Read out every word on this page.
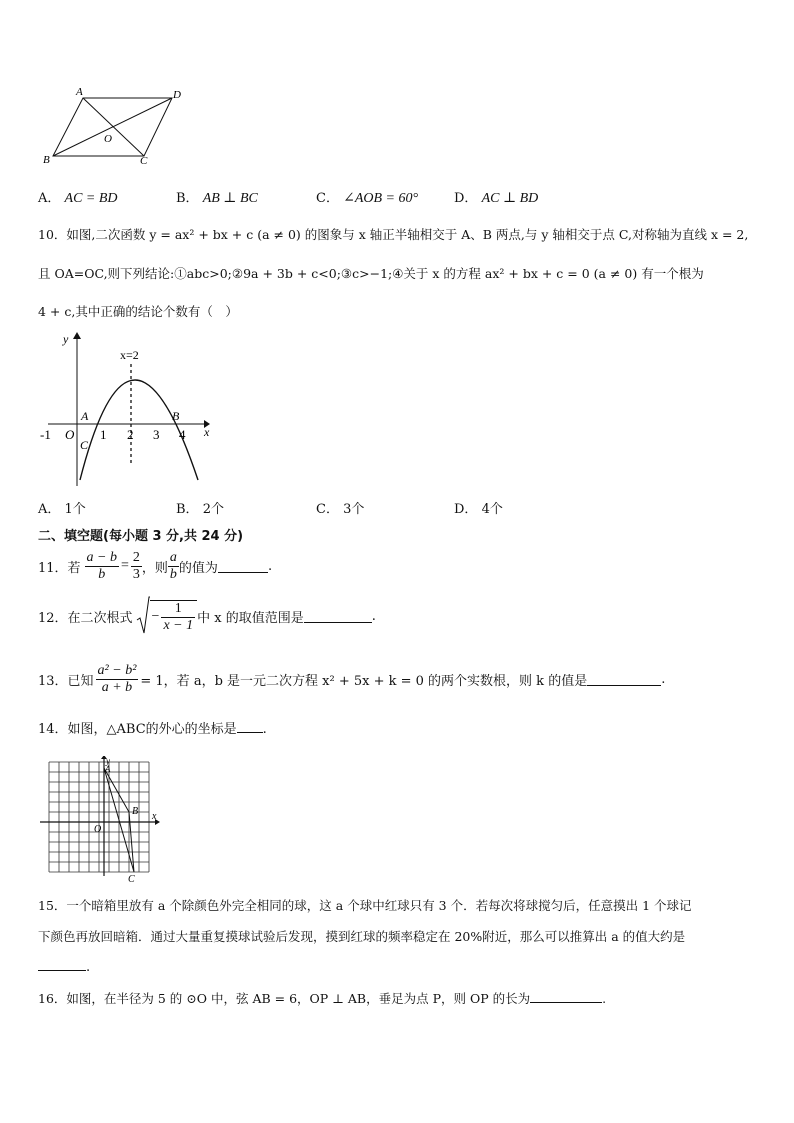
A	D
B	C
O
A． AC = BD	B． AB ⊥ BC	C． ∠AOB = 60°	D． AC ⊥ BD
10．如图,二次函数 y = ax² + bx + c (a ≠ 0) 的图象与 x 轴正半轴相交于 A、B 两点,与 y 轴相交于点 C,对称轴为直线 x = 2,
且 OA=OC,则下列结论:①abc>0;②9a + 3b + c<0;③c>−1;④关于 x 的方程 ax² + bx + c = 0 (a ≠ 0) 有一个根为
4 + c,其中正确的结论个数有（　）
x
y
x=2
-1 O 1 2 3 4
A	B
C
A． 1个	B． 2个	C． 3个	D． 4个
二、填空题(每小题 3 分,共 24 分)
11．若 $\frac{a - b}{b} = \frac{2}{3}$ ，则 $\frac{a}{b}$ 的值为	.
12．在二次根式 − $\frac{1}{x - 1}$ 中 x 的取值范围是	.
13．已知 $\frac{\text{a² − b²}}{a + b} = 1$，若 a，b 是一元二次方程 x² + 5x + k = 0 的两个实数根，则 k 的值是	.
14．如图，△ABC的外心的坐标是 .
x
y
A
B
C
O
15．一个暗箱里放有 a 个除颜色外完全相同的球，这 a 个球中红球只有 3 个．若每次将球搅匀后，任意摸出 1 个球记
下颜色再放回暗箱．通过大量重复摸球试验后发现，摸到红球的频率稳定在 20%附近，那么可以推算出 a 的值大约是
.
16．如图，在半径为 5 的 ⊙O 中，弦 AB = 6，OP ⊥ AB，垂足为点 P，则 OP 的长为	.
